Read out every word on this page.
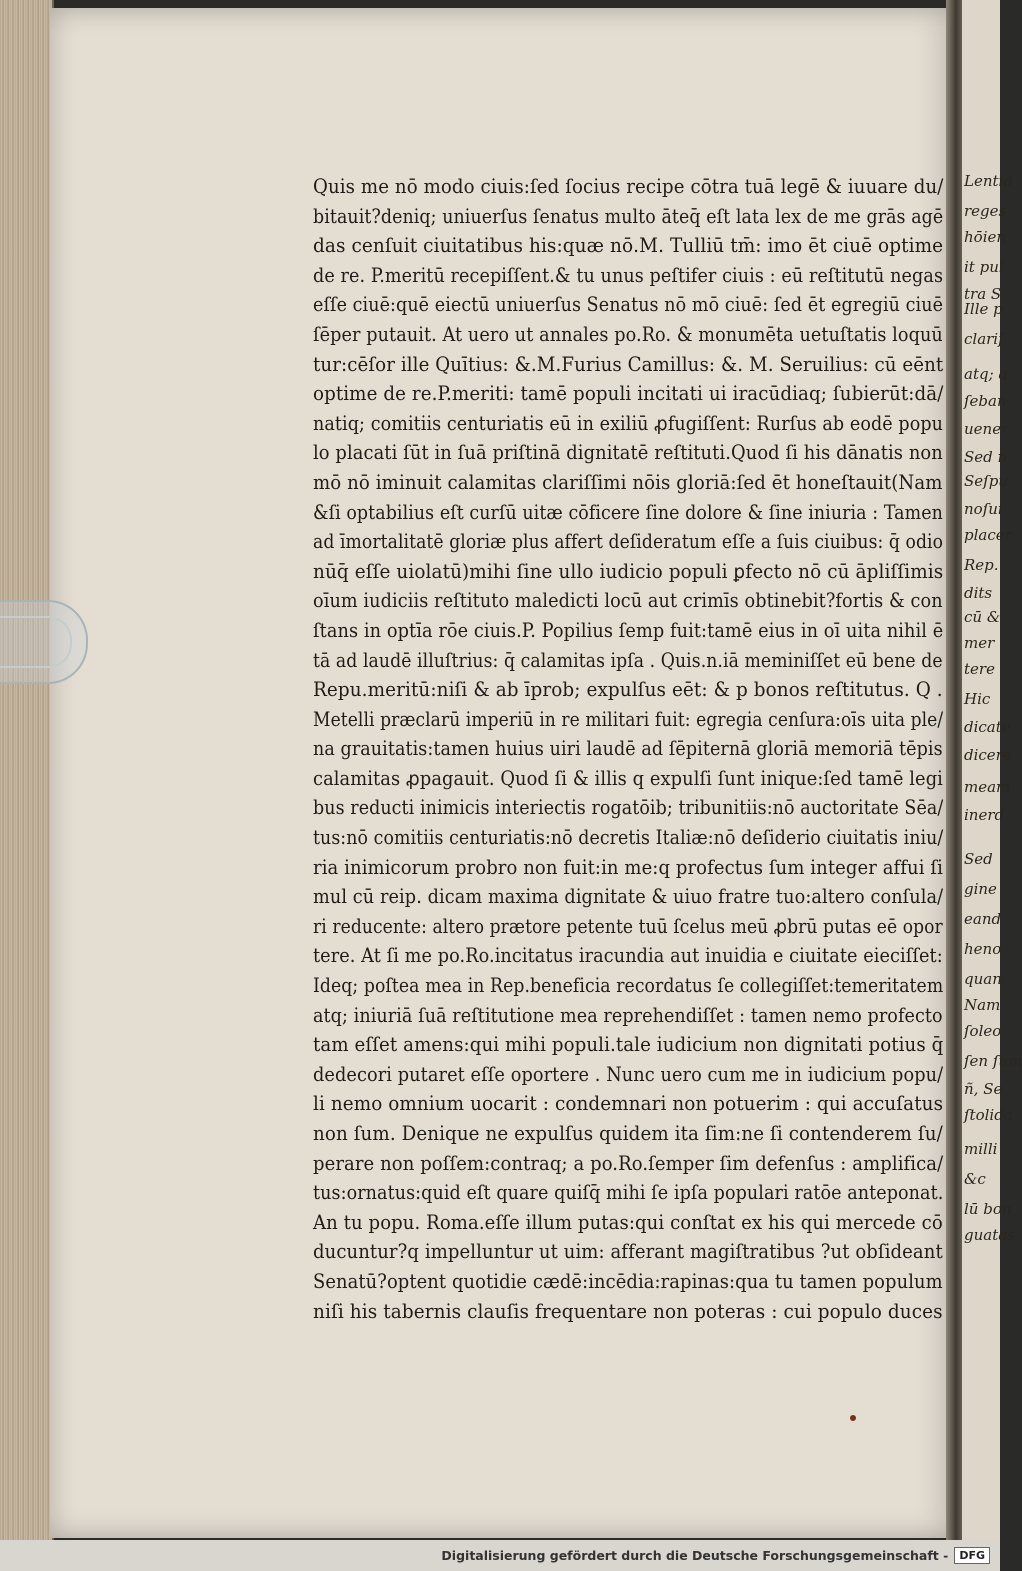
Quis me nō modo ciuis:ſed ſocius recipe cōtra tuā legē & iuuare du/
bitauit?deniq; uniuerſus ſenatus multo āteq̄ eſt lata lex de me grās agē
das cenſuit ciuitatibus his:quæ nō.M. Tulliū tm̄: imo ēt ciuē optime
de re. P.meritū recepiſſent.& tu unus peſtifer ciuis : eū reſtitutū negas
eſſe ciuē:quē eiectū uniuerſus Senatus nō mō ciuē: ſed ēt egregiū ciuē
ſēper putauit. At uero ut annales po.Ro. & monumēta uetuſtatis loquū
tur:cēſor ille Quītius: &.M.Furius Camillus: &. M. Seruilius: cū eēnt
optime de re.P.meriti: tamē populi incitati ui iracūdiaq; ſubierūt:dā/
natiq; comitiis centuriatis eū in exiliū ꝓfugiſſent: Rurſus ab eodē popu
lo placati ſūt in ſuā priſtinā dignitatē reſtituti.Quod ſi his dānatis non
mō nō iminuit calamitas clariſſimi nōis gloriā:ſed ēt honeſtauit(Nam
&ſi optabilius eſt curſū uitæ cōficere ſine dolore & ſine iniuria : Tamen
ad īmortalitatē gloriæ plus affert deſideratum eſſe a ſuis ciuibus: q̄ odio
nūq̄ eſſe uiolatū)mihi ſine ullo iudicio populi ꝑfecto nō cū āpliſſimis
oīum iudiciis reſtituto maledicti locū aut crimīs obtinebit?fortis & con
ſtans in optīa rōe ciuis.P. Popilius ſemp fuit:tamē eius in oī uita nihil ē
tā ad laudē illuſtrius: q̄ calamitas ipſa . Quis.n.iā meminiſſet eū bene de
Repu.meritū:niſi & ab īprob; expulſus eēt: & p bonos reſtitutus. Q .
Metelli præclarū imperiū in re militari fuit: egregia cenſura:oīs uita ple/
na grauitatis:tamen huius uiri laudē ad ſēpiternā gloriā memoriā tēpis
calamitas ꝓpagauit. Quod ſi & illis q expulſi ſunt inique:ſed tamē legi
bus reducti inimicis interiectis rogatōib; tribunitiis:nō auctoritate Sēa/
tus:nō comitiis centuriatis:nō decretis Italiæ:nō deſiderio ciuitatis iniu/
ria inimicorum probro non fuit:in me:q profectus ſum integer affui ſi
mul cū reip. dicam maxima dignitate & uiuo fratre tuo:altero conſula/
ri reducente: altero prætore petente tuū ſcelus meū ꝓbrū putas eē opor
tere. At ſi me po.Ro.incitatus iracundia aut inuidia e ciuitate eieciſſet:
Ideq; poſtea mea in Rep.beneficia recordatus ſe collegiſſet:temeritatem
atq; iniuriā ſuā reſtitutione mea reprehendiſſet : tamen nemo profecto
tam eſſet amens:qui mihi populi.tale iudicium non dignitati potius q̄
dedecori putaret eſſe oportere . Nunc uero cum me in iudicium popu/
li nemo omnium uocarit : condemnari non potuerim : qui accuſatus
non ſum. Denique ne expulſus quidem ita ſim:ne ſi contenderem ſu/
perare non poſſem:contraq; a po.Ro.ſemper ſim defenſus : amplifica/
tus:ornatus:quid eſt quare quiſq̄ mihi ſe ipſa populari ratōe anteponat.
An tu popu. Roma.eſſe illum putas:qui conſtat ex his qui mercede cō
ducuntur?q impelluntur ut uim: afferant magiſtratibus ?ut obſideant
Senatū?optent quotidie cædē:incēdia:rapinas:qua tu tamen populum
niſi his tabernis clauſis frequentare non poteras : cui populo duces
Lentid
reges
hōien
it pul
tra S
Ille p
clariſ
atq; a
ſeban
uener
Sed n
Seſpu
noſui
placer
Rep.
dits
cū &
mer
tere
Hic
dicate
dicere
meam
inerd
Sed
gine
eand
heno
quan
Nam
ſoleo
ſen ſum
ñ, Se
ſtolida
milli
&c
lū bon
guatas
Digitalisierung gefördert durch die Deutsche Forschungsgemeinschaft -	DFG
